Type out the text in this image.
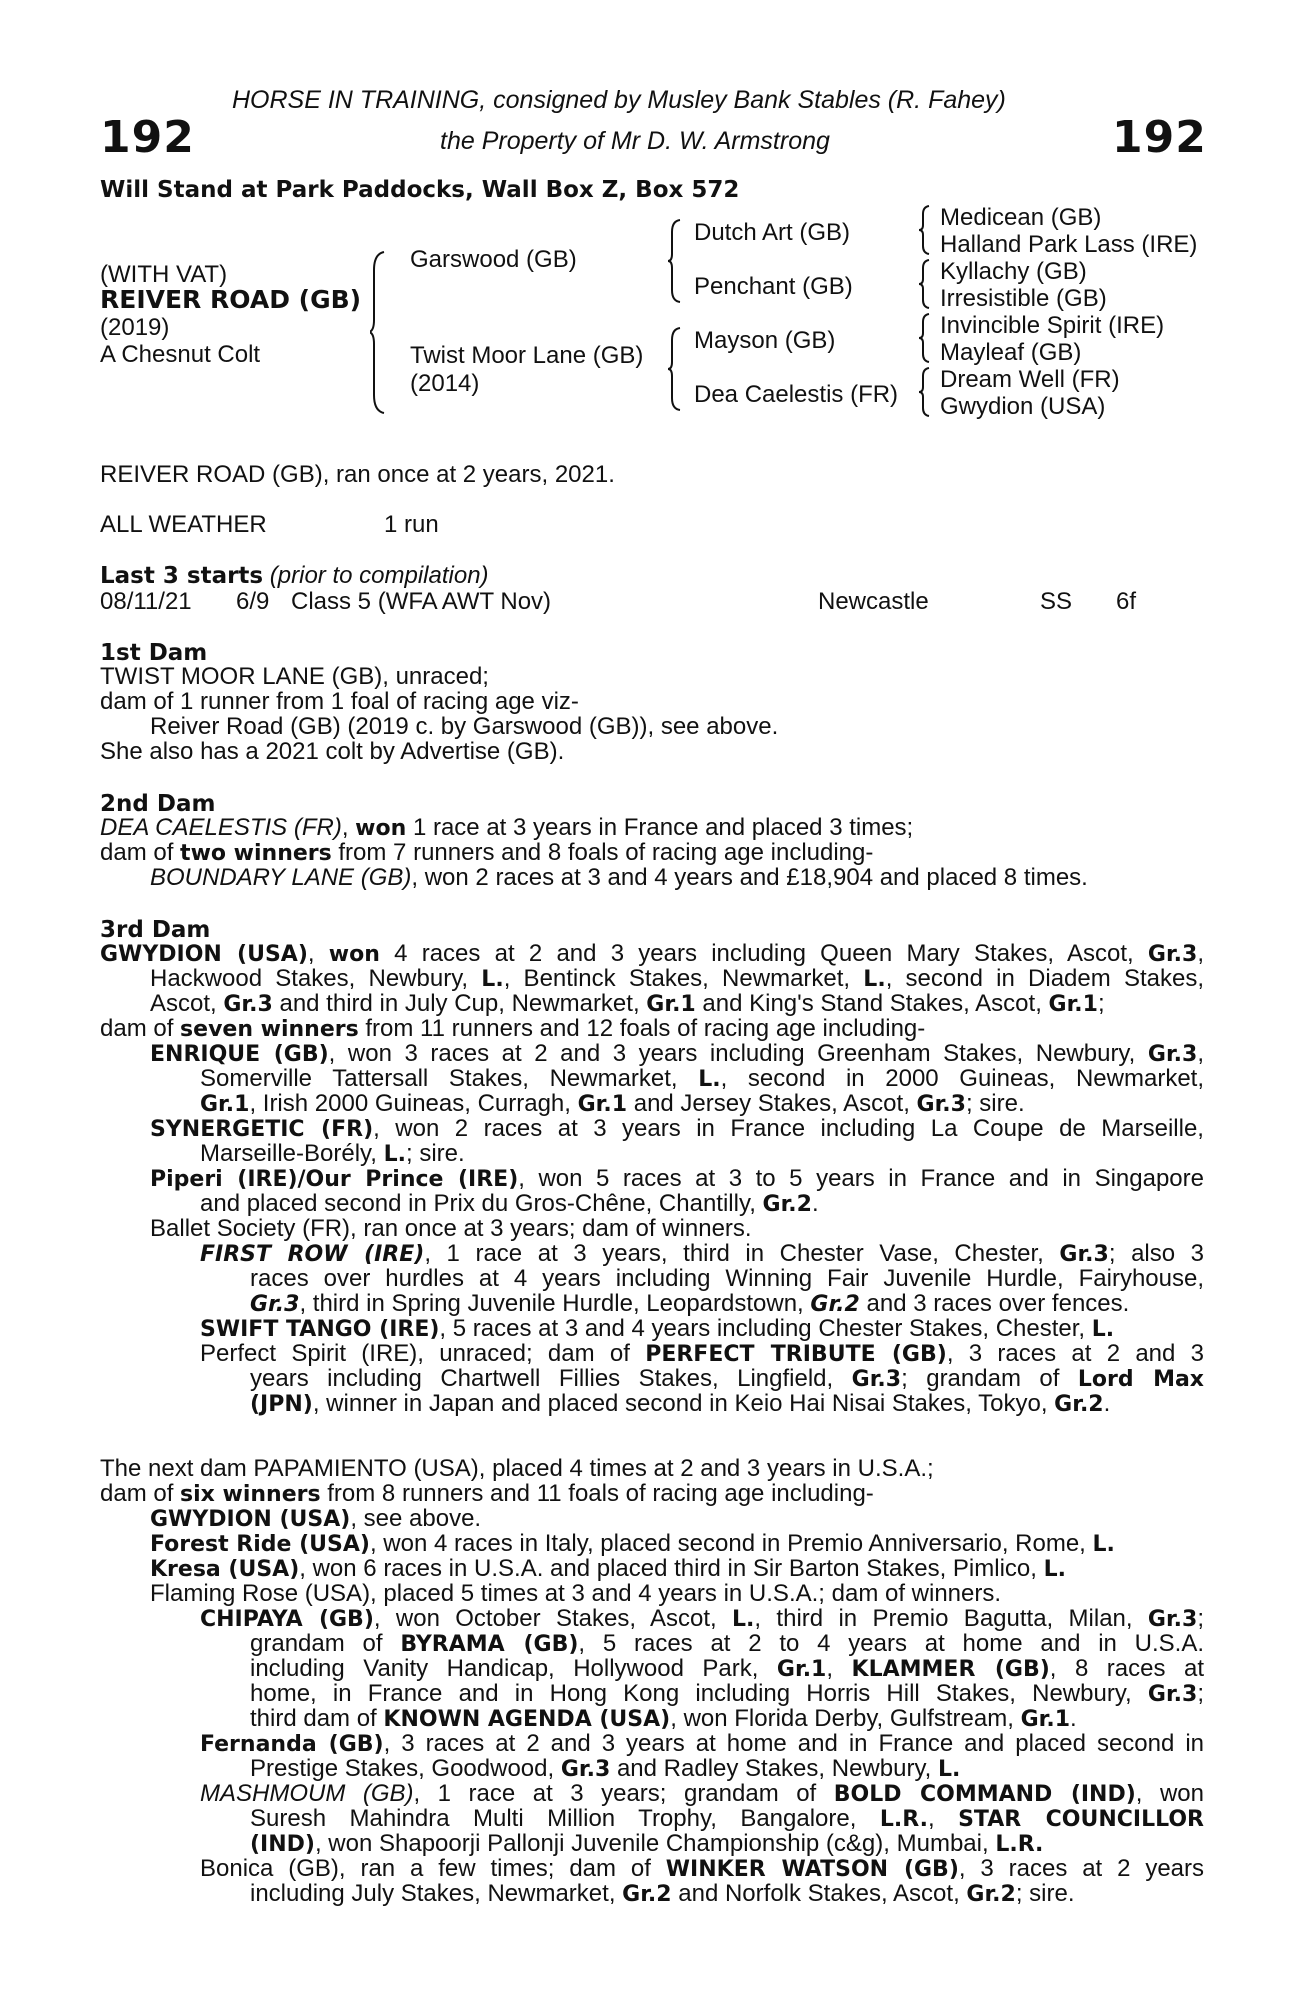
192	192
HORSE IN TRAINING, consigned by Musley Bank Stables (R. Fahey)
the Property of Mr D. W. Armstrong
Will Stand at Park Paddocks, Wall Box Z, Box 572
(WITH VAT)
REIVER ROAD (GB)
(2019)
A Chesnut Colt
Garswood (GB)
Twist Moor Lane (GB)
(2014)
Dutch Art (GB)
Penchant (GB)
Mayson (GB)
Dea Caelestis (FR)
Medicean (GB)
Halland Park Lass (IRE)
Kyllachy (GB)
Irresistible (GB)
Invincible Spirit (IRE)
Mayleaf (GB)
Dream Well (FR)
Gwydion (USA)
REIVER ROAD (GB), ran once at 2 years, 2021.
ALL WEATHER	1 run
Last 3 starts (prior to compilation)
08/11/21 6/9 Class 5 (WFA AWT Nov)	Newcastle	SS 6f
1st Dam
TWIST MOOR LANE (GB), unraced;
dam of 1 runner from 1 foal of racing age viz-
Reiver Road (GB) (2019 c. by Garswood (GB)), see above.
She also has a 2021 colt by Advertise (GB).
2nd Dam
DEA CAELESTIS (FR), won 1 race at 3 years in France and placed 3 times;
dam of two winners from 7 runners and 8 foals of racing age including-
BOUNDARY LANE (GB), won 2 races at 3 and 4 years and £18,904 and placed 8 times.
3rd Dam
GWYDION (USA), won 4 races at 2 and 3 years including Queen Mary Stakes, Ascot, Gr.3,
Hackwood Stakes, Newbury, L., Bentinck Stakes, Newmarket, L., second in Diadem Stakes,
Ascot, Gr.3 and third in July Cup, Newmarket, Gr.1 and King's Stand Stakes, Ascot, Gr.1;
dam of seven winners from 11 runners and 12 foals of racing age including-
ENRIQUE (GB), won 3 races at 2 and 3 years including Greenham Stakes, Newbury, Gr.3,
Somerville Tattersall Stakes, Newmarket, L., second in 2000 Guineas, Newmarket,
Gr.1, Irish 2000 Guineas, Curragh, Gr.1 and Jersey Stakes, Ascot, Gr.3; sire.
SYNERGETIC (FR), won 2 races at 3 years in France including La Coupe de Marseille,
Marseille-Borély, L.; sire.
Piperi (IRE)/Our Prince (IRE), won 5 races at 3 to 5 years in France and in Singapore
and placed second in Prix du Gros-Chêne, Chantilly, Gr.2.
Ballet Society (FR), ran once at 3 years; dam of winners.
FIRST ROW (IRE), 1 race at 3 years, third in Chester Vase, Chester, Gr.3; also 3
races over hurdles at 4 years including Winning Fair Juvenile Hurdle, Fairyhouse,
Gr.3, third in Spring Juvenile Hurdle, Leopardstown, Gr.2 and 3 races over fences.
SWIFT TANGO (IRE), 5 races at 3 and 4 years including Chester Stakes, Chester, L.
Perfect Spirit (IRE), unraced; dam of PERFECT TRIBUTE (GB), 3 races at 2 and 3
years including Chartwell Fillies Stakes, Lingfield, Gr.3; grandam of Lord Max
(JPN), winner in Japan and placed second in Keio Hai Nisai Stakes, Tokyo, Gr.2.
The next dam PAPAMIENTO (USA), placed 4 times at 2 and 3 years in U.S.A.;
dam of six winners from 8 runners and 11 foals of racing age including-
GWYDION (USA), see above.
Forest Ride (USA), won 4 races in Italy, placed second in Premio Anniversario, Rome, L.
Kresa (USA), won 6 races in U.S.A. and placed third in Sir Barton Stakes, Pimlico, L.
Flaming Rose (USA), placed 5 times at 3 and 4 years in U.S.A.; dam of winners.
CHIPAYA (GB), won October Stakes, Ascot, L., third in Premio Bagutta, Milan, Gr.3;
grandam of BYRAMA (GB), 5 races at 2 to 4 years at home and in U.S.A.
including Vanity Handicap, Hollywood Park, Gr.1, KLAMMER (GB), 8 races at
home, in France and in Hong Kong including Horris Hill Stakes, Newbury, Gr.3;
third dam of KNOWN AGENDA (USA), won Florida Derby, Gulfstream, Gr.1.
Fernanda (GB), 3 races at 2 and 3 years at home and in France and placed second in
Prestige Stakes, Goodwood, Gr.3 and Radley Stakes, Newbury, L.
MASHMOUM (GB), 1 race at 3 years; grandam of BOLD COMMAND (IND), won
Suresh Mahindra Multi Million Trophy, Bangalore, L.R., STAR COUNCILLOR
(IND), won Shapoorji Pallonji Juvenile Championship (c&g), Mumbai, L.R.
Bonica (GB), ran a few times; dam of WINKER WATSON (GB), 3 races at 2 years
including July Stakes, Newmarket, Gr.2 and Norfolk Stakes, Ascot, Gr.2; sire.
